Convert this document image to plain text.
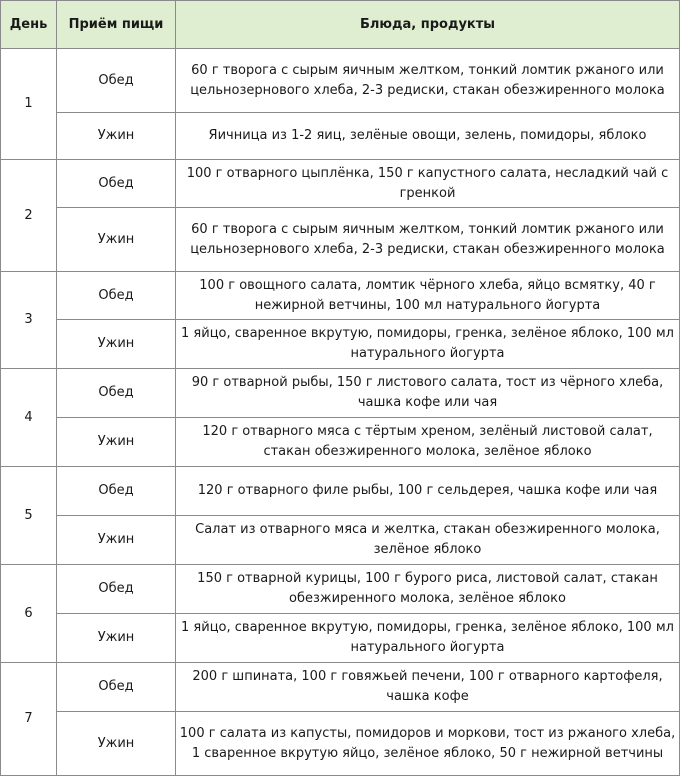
День	Приём пищи	Блюда, продукты
1	Обед	60 г творога с сырым яичным желтком, тонкий ломтик ржаного или цельнозернового хлеба, 2-3 редиски, стакан обезжиренного молока
	Ужин	Яичница из 1-2 яиц, зелёные овощи, зелень, помидоры, яблоко
2	Обед	100 г отварного цыплёнка, 150 г капустного салата, несладкий чай с гренкой
	Ужин	60 г творога с сырым яичным желтком, тонкий ломтик ржаного или цельнозернового хлеба, 2-3 редиски, стакан обезжиренного молока
3	Обед	100 г овощного салата, ломтик чёрного хлеба, яйцо всмятку, 40 г нежирной ветчины, 100 мл натурального йогурта
	Ужин	1 яйцо, сваренное вкрутую, помидоры, гренка, зелёное яблоко, 100 мл натурального йогурта
4	Обед	90 г отварной рыбы, 150 г листового салата, тост из чёрного хлеба, чашка кофе или чая
	Ужин	120 г отварного мяса с тёртым хреном, зелёный листовой салат, стакан обезжиренного молока, зелёное яблоко
5	Обед	120 г отварного филе рыбы, 100 г сельдерея, чашка кофе или чая
	Ужин	Салат из отварного мяса и желтка, стакан обезжиренного молока, зелёное яблоко
6	Обед	150 г отварной курицы, 100 г бурого риса, листовой салат, стакан обезжиренного молока, зелёное яблоко
	Ужин	1 яйцо, сваренное вкрутую, помидоры, гренка, зелёное яблоко, 100 мл натурального йогурта
7	Обед	200 г шпината, 100 г говяжьей печени, 100 г отварного картофеля, чашка кофе
	Ужин	100 г салата из капусты, помидоров и моркови, тост из ржаного хлеба, 1 сваренное вкрутую яйцо, зелёное яблоко, 50 г нежирной ветчины
